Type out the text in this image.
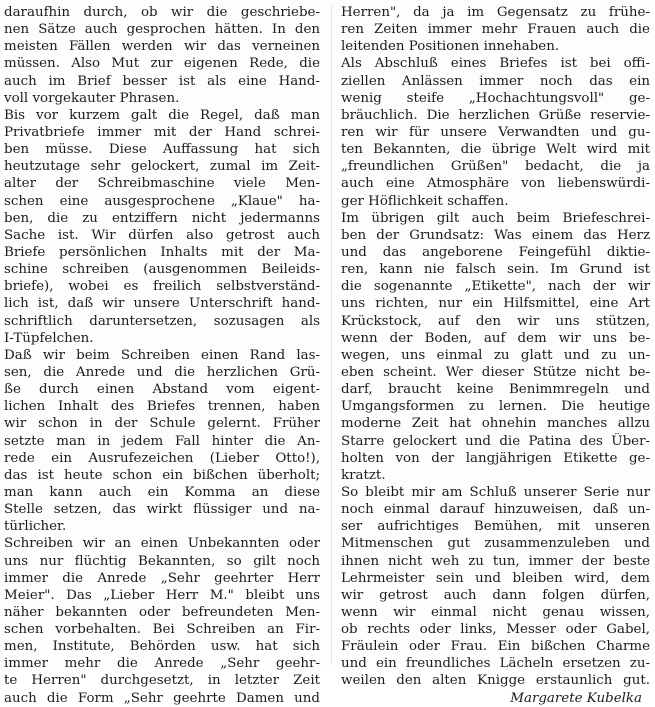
daraufhin durch, ob wir die geschriebe-
nen Sätze auch gesprochen hätten. In den
meisten Fällen werden wir das verneinen
müssen. Also Mut zur eigenen Rede, die
auch im Brief besser ist als eine Hand-
voll vorgekauter Phrasen.
Bis vor kurzem galt die Regel, daß man
Privatbriefe immer mit der Hand schrei-
ben müsse. Diese Auffassung hat sich
heutzutage sehr gelockert, zumal im Zeit-
alter der Schreibmaschine viele Men-
schen eine ausgesprochene „Klaue" ha-
ben, die zu entziffern nicht jedermanns
Sache ist. Wir dürfen also getrost auch
Briefe persönlichen Inhalts mit der Ma-
schine schreiben (ausgenommen Beileids-
briefe), wobei es freilich selbstverständ-
lich ist, daß wir unsere Unterschrift hand-
schriftlich daruntersetzen, sozusagen als
I-Tüpfelchen.
Daß wir beim Schreiben einen Rand las-
sen, die Anrede und die herzlichen Grü-
ße durch einen Abstand vom eigent-
lichen Inhalt des Briefes trennen, haben
wir schon in der Schule gelernt. Früher
setzte man in jedem Fall hinter die An-
rede ein Ausrufezeichen (Lieber Otto!),
das ist heute schon ein bißchen überholt;
man kann auch ein Komma an diese
Stelle setzen, das wirkt flüssiger und na-
türlicher.
Schreiben wir an einen Unbekannten oder
uns nur flüchtig Bekannten, so gilt noch
immer die Anrede „Sehr geehrter Herr
Meier". Das „Lieber Herr M." bleibt uns
näher bekannten oder befreundeten Men-
schen vorbehalten. Bei Schreiben an Fir-
men, Institute, Behörden usw. hat sich
immer mehr die Anrede „Sehr geehr-
te Herren" durchgesetzt, in letzter Zeit
auch die Form „Sehr geehrte Damen und
Herren", da ja im Gegensatz zu frühe-
ren Zeiten immer mehr Frauen auch die
leitenden Positionen innehaben.
Als Abschluß eines Briefes ist bei offi-
ziellen Anlässen immer noch das ein
wenig steife „Hochachtungsvoll" ge-
bräuchlich. Die herzlichen Grüße reservie-
ren wir für unsere Verwandten und gu-
ten Bekannten, die übrige Welt wird mit
„freundlichen Grüßen" bedacht, die ja
auch eine Atmosphäre von liebenswürdi-
ger Höflichkeit schaffen.
Im übrigen gilt auch beim Briefeschrei-
ben der Grundsatz: Was einem das Herz
und das angeborene Feingefühl diktie-
ren, kann nie falsch sein. Im Grund ist
die sogenannte „Etikette", nach der wir
uns richten, nur ein Hilfsmittel, eine Art
Krückstock, auf den wir uns stützen,
wenn der Boden, auf dem wir uns be-
wegen, uns einmal zu glatt und zu un-
eben scheint. Wer dieser Stütze nicht be-
darf, braucht keine Benimmregeln und
Umgangsformen zu lernen. Die heutige
moderne Zeit hat ohnehin manches allzu
Starre gelockert und die Patina des Über-
holten von der langjährigen Etikette ge-
kratzt.
So bleibt mir am Schluß unserer Serie nur
noch einmal darauf hinzuweisen, daß un-
ser aufrichtiges Bemühen, mit unseren
Mitmenschen gut zusammenzuleben und
ihnen nicht weh zu tun, immer der beste
Lehrmeister sein und bleiben wird, dem
wir getrost auch dann folgen dürfen,
wenn wir einmal nicht genau wissen,
ob rechts oder links, Messer oder Gabel,
Fräulein oder Frau. Ein bißchen Charme
und ein freundliches Lächeln ersetzen zu-
weilen den alten Knigge erstaunlich gut.
Margarete Kubelka
